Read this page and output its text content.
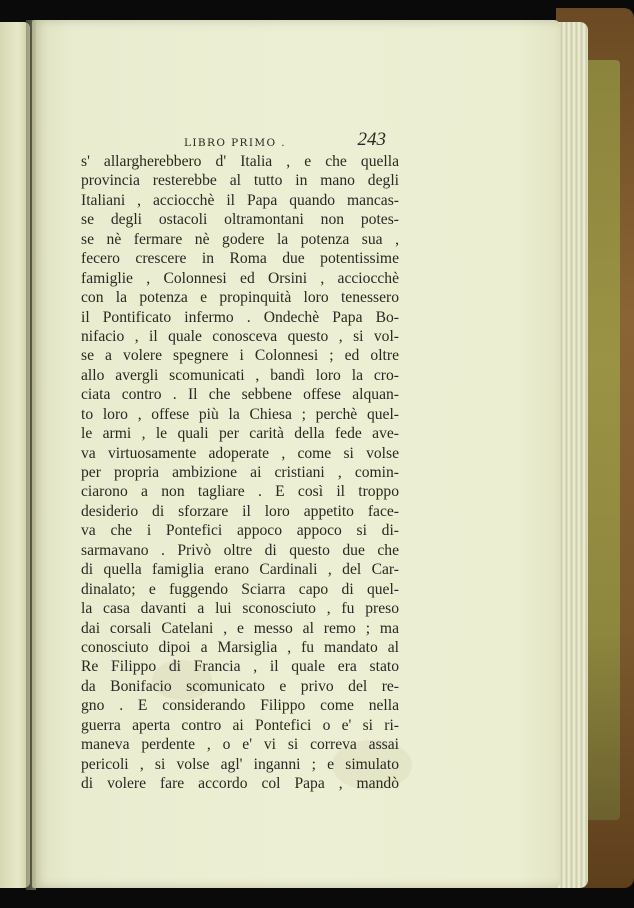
LIBRO PRIMO .	243
s' allargherebbero d' Italia , e che quella
provincia resterebbe al tutto in mano degli
Italiani , acciocchè il Papa quando mancas-
se degli ostacoli oltramontani non potes-
se nè fermare nè godere la potenza sua ,
fecero crescere in Roma due potentissime
famiglie , Colonnesi ed Orsini , acciocchè
con la potenza e propinquità loro tenessero
il Pontificato infermo . Ondechè Papa Bo-
nifacio , il quale conosceva questo , si vol-
se a volere spegnere i Colonnesi ; ed oltre
allo avergli scomunicati , bandì loro la cro-
ciata contro . Il che sebbene offese alquan-
to loro , offese più la Chiesa ; perchè quel-
le armi , le quali per carità della fede ave-
va virtuosamente adoperate , come si volse
per propria ambizione ai cristiani , comin-
ciarono a non tagliare . E così il troppo
desiderio di sforzare il loro appetito face-
va che i Pontefici appoco appoco si di-
sarmavano . Privò oltre di questo due che
di quella famiglia erano Cardinali , del Car-
dinalato; e fuggendo Sciarra capo di quel-
la casa davanti a lui sconosciuto , fu preso
dai corsali Catelani , e messo al remo ; ma
conosciuto dipoi a Marsiglia , fu mandato al
Re Filippo di Francia , il quale era stato
da Bonifacio scomunicato e privo del re-
gno . E considerando Filippo come nella
guerra aperta contro ai Pontefici o e' si ri-
maneva perdente , o e' vi si correva assai
pericoli , si volse agl' inganni ; e simulato
di volere fare accordo col Papa , mandò
